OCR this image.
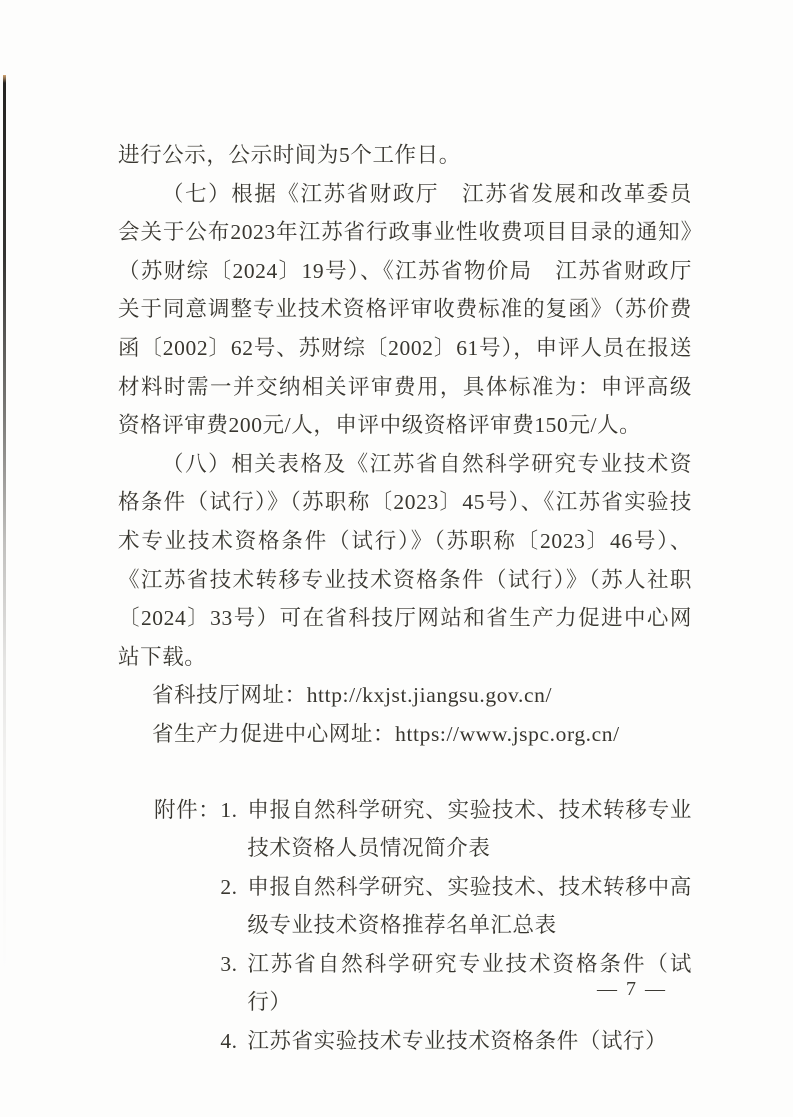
进行公示，公示时间为5个工作日。

（七）根据《江苏省财政厅　江苏省发展和改革委员会关于公布2023年江苏省行政事业性收费项目目录的通知》（苏财综〔2024〕19号）、《江苏省物价局　江苏省财政厅关于同意调整专业技术资格评审收费标准的复函》（苏价费函〔2002〕62号、苏财综〔2002〕61号），申评人员在报送材料时需一并交纳相关评审费用，具体标准为：申评高级资格评审费200元/人，申评中级资格评审费150元/人。

（八）相关表格及《江苏省自然科学研究专业技术资格条件（试行）》（苏职称〔2023〕45号）、《江苏省实验技术专业技术资格条件（试行）》（苏职称〔2023〕46号）、《江苏省技术转移专业技术资格条件（试行）》（苏人社职〔2024〕33号）可在省科技厅网站和省生产力促进中心网站下载。

省科技厅网址：http://kxjst.jiangsu.gov.cn/

省生产力促进中心网址：https://www.jspc.org.cn/

附件： 1. 申报自然科学研究、实验技术、技术转移专业技术资格人员情况简介表
2. 申报自然科学研究、实验技术、技术转移中高级专业技术资格推荐名单汇总表
3. 江苏省自然科学研究专业技术资格条件（试行）
4. 江苏省实验技术专业技术资格条件（试行）
— 7 —
